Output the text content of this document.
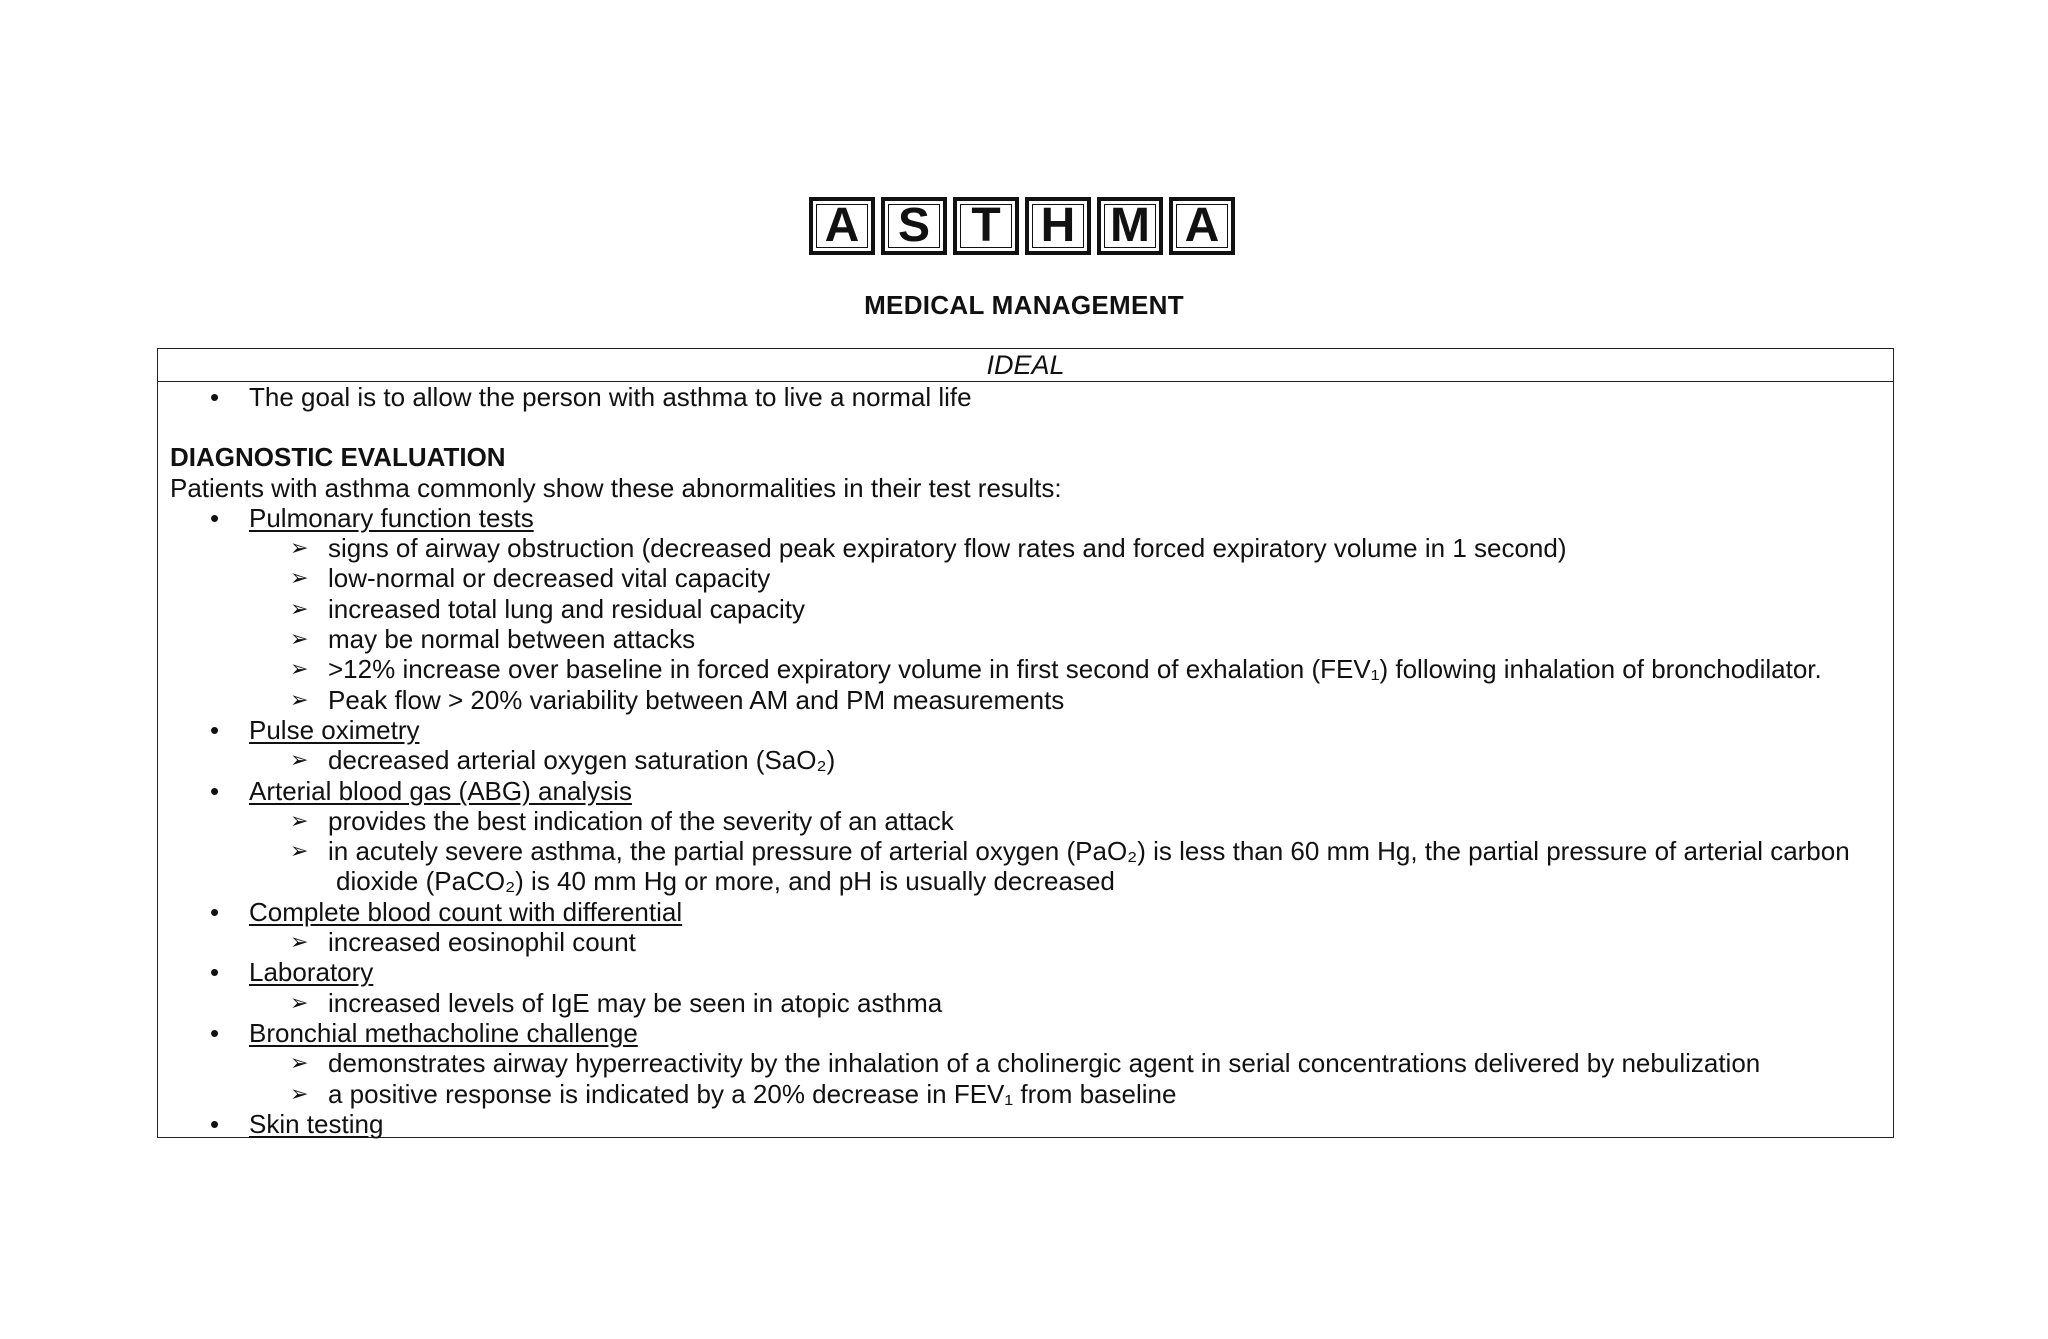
A S T H M A
MEDICAL MANAGEMENT
IDEAL
• The goal is to allow the person with asthma to live a normal life
DIAGNOSTIC EVALUATION
Patients with asthma commonly show these abnormalities in their test results:
• Pulmonary function tests
➢ signs of airway obstruction (decreased peak expiratory flow rates and forced expiratory volume in 1 second)
➢ low-normal or decreased vital capacity
➢ increased total lung and residual capacity
➢ may be normal between attacks
➢ >12% increase over baseline in forced expiratory volume in first second of exhalation (FEV₁) following inhalation of bronchodilator.
➢ Peak flow > 20% variability between AM and PM measurements
• Pulse oximetry
➢ decreased arterial oxygen saturation (SaO₂)
• Arterial blood gas (ABG) analysis
➢ provides the best indication of the severity of an attack
➢ in acutely severe asthma, the partial pressure of arterial oxygen (PaO₂) is less than 60 mm Hg, the partial pressure of arterial carbon
dioxide (PaCO₂) is 40 mm Hg or more, and pH is usually decreased
• Complete blood count with differential
➢ increased eosinophil count
• Laboratory
➢ increased levels of IgE may be seen in atopic asthma
• Bronchial methacholine challenge
➢ demonstrates airway hyperreactivity by the inhalation of a cholinergic agent in serial concentrations delivered by nebulization
➢ a positive response is indicated by a 20% decrease in FEV₁ from baseline
• Skin testing
